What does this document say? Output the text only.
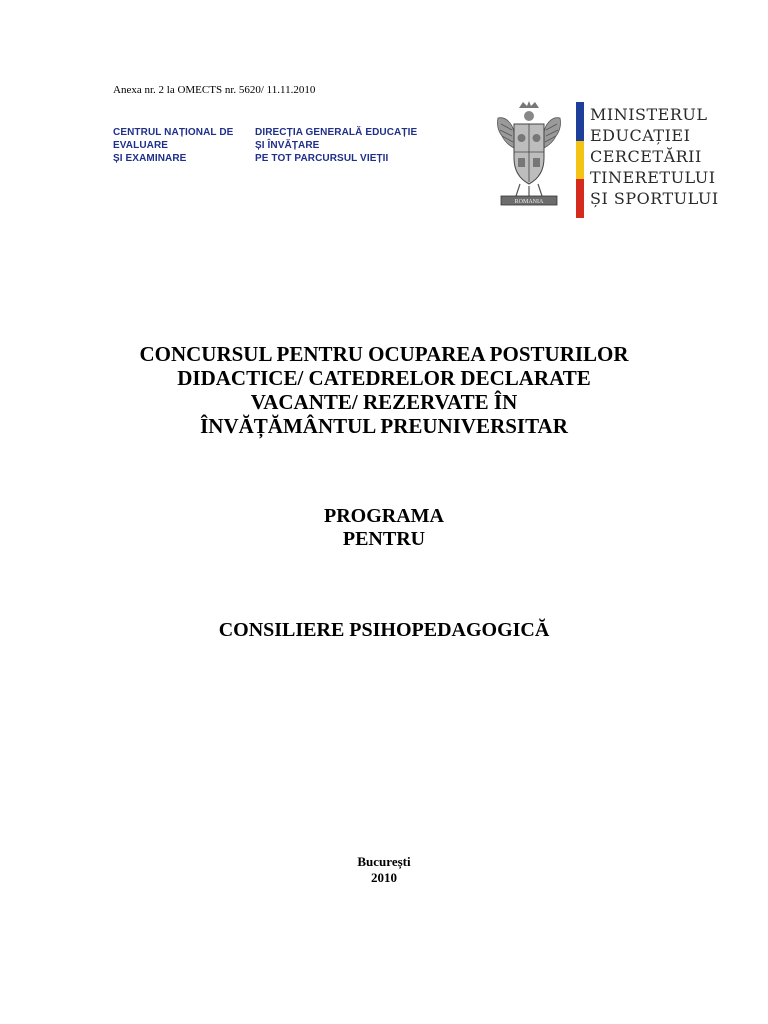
Anexa nr. 2 la OMECTS nr. 5620/ 11.11.2010
CENTRUL NAȚIONAL DE
EVALUARE
ȘI EXAMINARE
DIRECȚIA GENERALĂ EDUCAȚIE
ȘI ÎNVĂȚARE
PE TOT PARCURSUL VIEȚII
ROMANIA
MINISTERUL
EDUCAȚIEI
CERCETĂRII
TINERETULUI
ȘI SPORTULUI
CONCURSUL PENTRU OCUPAREA POSTURILOR
DIDACTICE/ CATEDRELOR DECLARATE
VACANTE/ REZERVATE ÎN
ÎNVĂȚĂMÂNTUL PREUNIVERSITAR
PROGRAMA
PENTRU
CONSILIERE PSIHOPEDAGOGICĂ
București
2010
